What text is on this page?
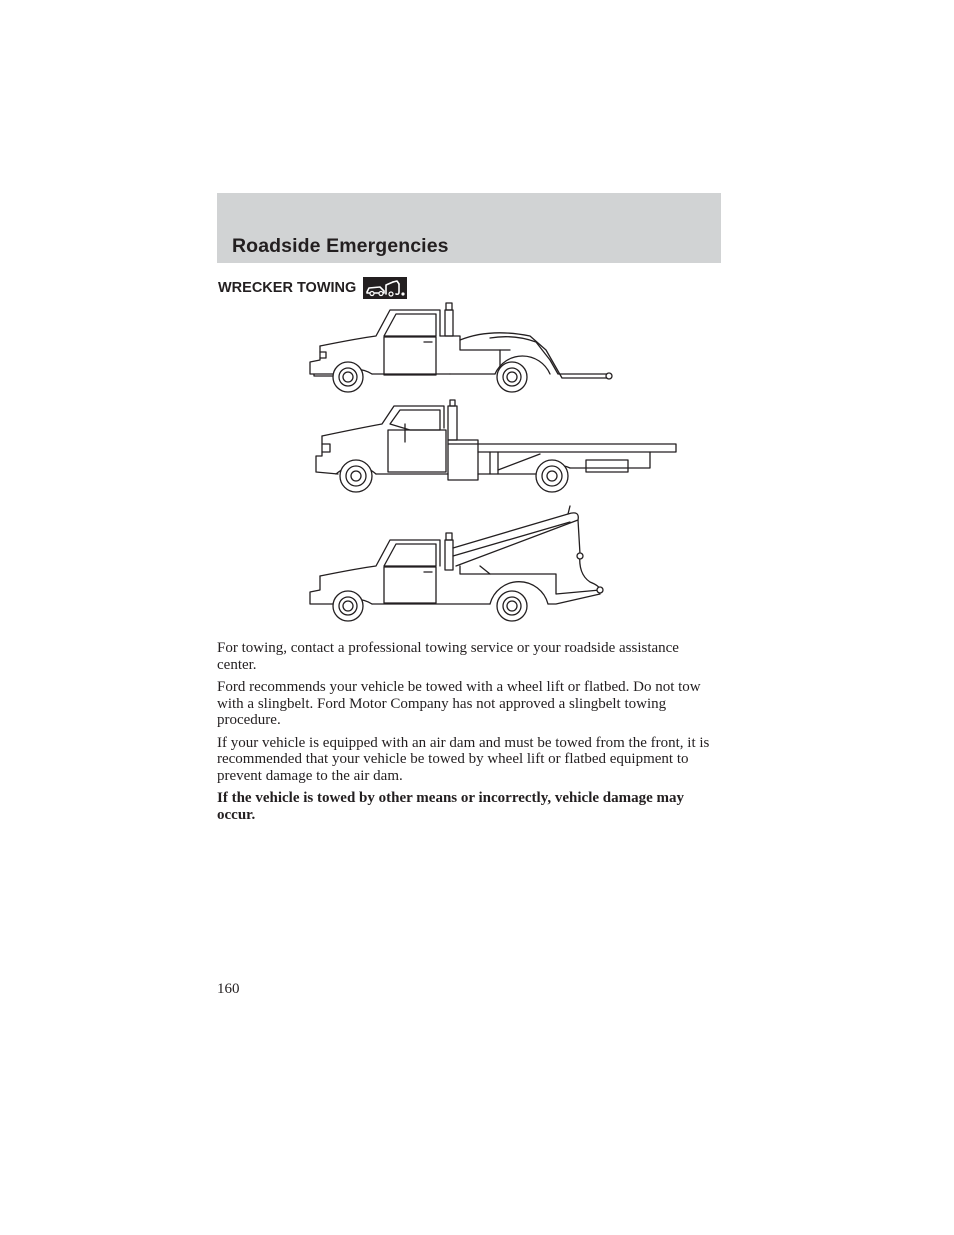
Roadside Emergencies
WRECKER TOWING

For towing, contact a professional towing service or your roadside assistance center.

Ford recommends your vehicle be towed with a wheel lift or flatbed. Do not tow with a slingbelt. Ford Motor Company has not approved a slingbelt towing procedure.

If your vehicle is equipped with an air dam and must be towed from the front, it is recommended that your vehicle be towed by wheel lift or flatbed equipment to prevent damage to the air dam.

If the vehicle is towed by other means or incorrectly, vehicle damage may occur.

160
